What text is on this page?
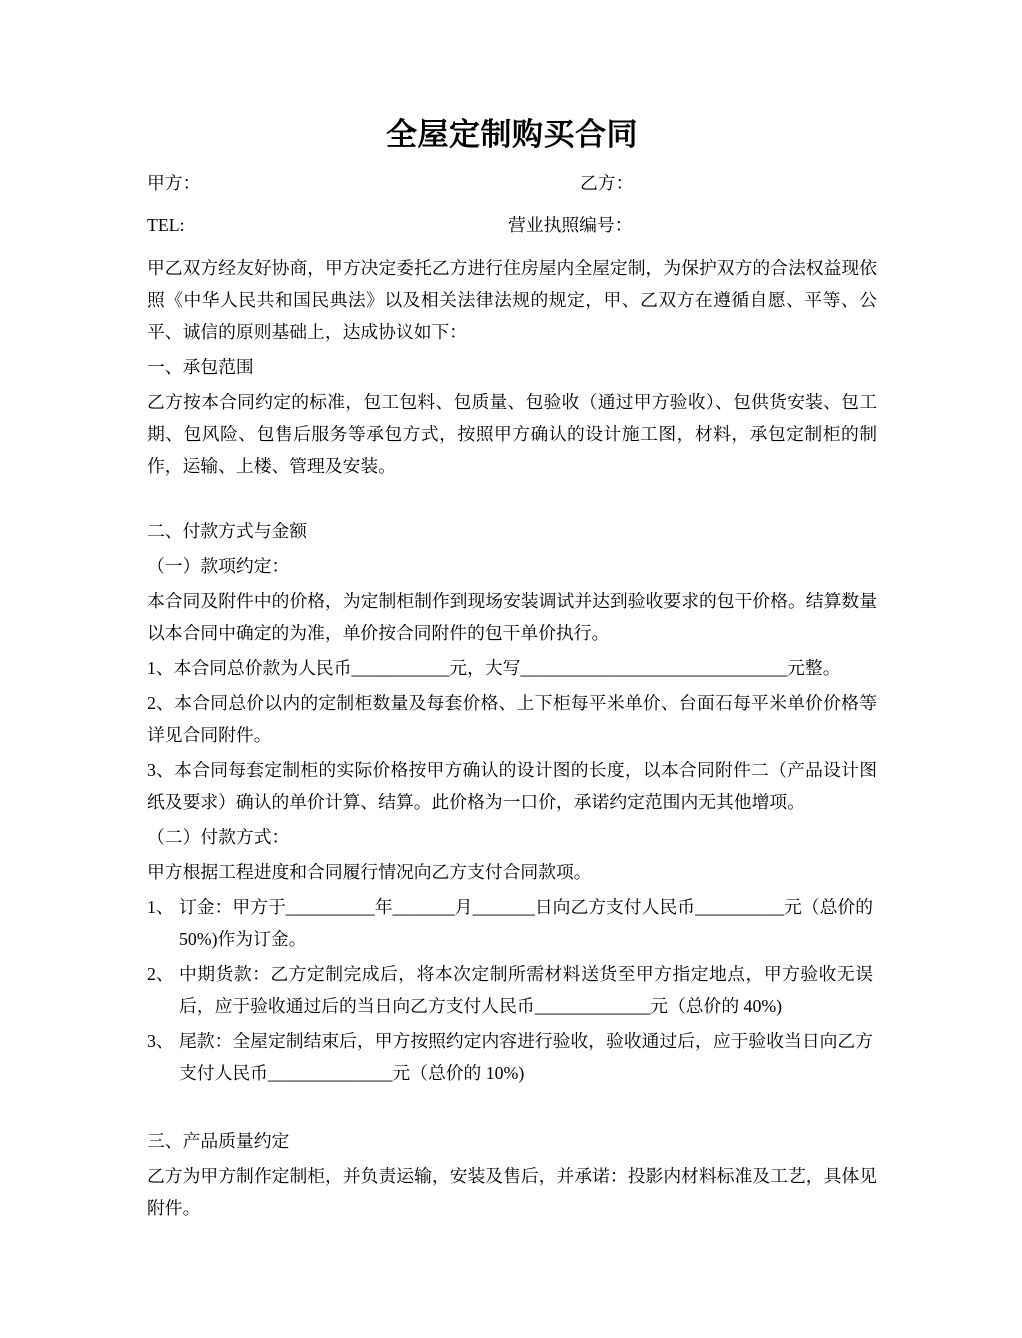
全屋定制购买合同
甲方：	乙方：
TEL:	营业执照编号：

甲乙双方经友好协商，甲方决定委托乙方进行住房屋内全屋定制，为保护双方的合法权益现依照《中华人民共和国民典法》以及相关法律法规的规定，甲、乙双方在遵循自愿、平等、公平、诚信的原则基础上，达成协议如下：

一、承包范围

乙方按本合同约定的标准，包工包料、包质量、包验收（通过甲方验收）、包供货安装、包工期、包风险、包售后服务等承包方式，按照甲方确认的设计施工图，材料，承包定制柜的制作，运输、上楼、管理及安装。

二、付款方式与金额

（一）款项约定：

本合同及附件中的价格，为定制柜制作到现场安装调试并达到验收要求的包干价格。结算数量以本合同中确定的为准，单价按合同附件的包干单价执行。

1、本合同总价款为人民币___________元，大写______________________________元整。

2、本合同总价以内的定制柜数量及每套价格、上下柜每平米单价、台面石每平米单价价格等详见合同附件。

3、本合同每套定制柜的实际价格按甲方确认的设计图的长度，以本合同附件二（产品设计图纸及要求）确认的单价计算、结算。此价格为一口价，承诺约定范围内无其他增项。

（二）付款方式：

甲方根据工程进度和合同履行情况向乙方支付合同款项。

1、 订金：甲方于__________年_______月_______日向乙方支付人民币__________元（总价的 50%)作为订金。
2、 中期货款：乙方定制完成后，将本次定制所需材料送货至甲方指定地点，甲方验收无误后，应于验收通过后的当日向乙方支付人民币_____________元（总价的 40%)
3、 尾款：全屋定制结束后，甲方按照约定内容进行验收，验收通过后，应于验收当日向乙方支付人民币______________元（总价的 10%)

三、产品质量约定

乙方为甲方制作定制柜，并负责运输，安装及售后，并承诺：投影内材料标准及工艺，具体见附件。
